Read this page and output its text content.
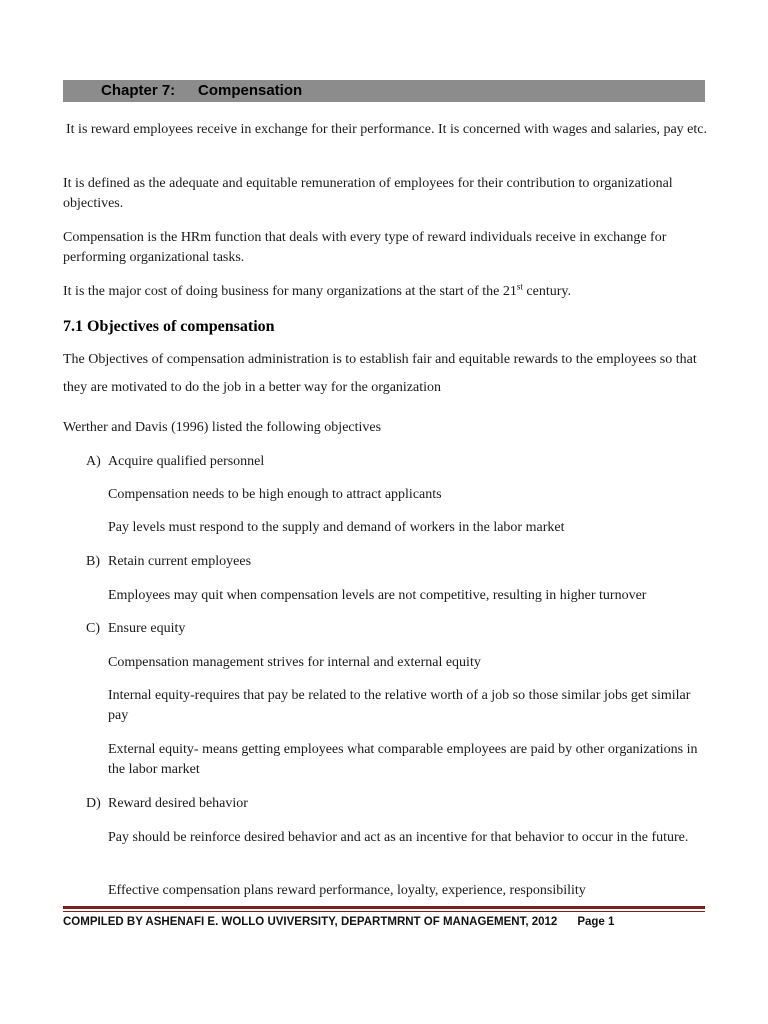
Chapter 7: Compensation
It is reward employees receive in exchange for their performance. It is concerned with wages and salaries, pay etc.
It is defined as the adequate and equitable remuneration of employees for their contribution to organizational objectives.
Compensation is the HRm function that deals with every type of reward individuals receive in exchange for performing organizational tasks.
It is the major cost of doing business for many organizations at the start of the 21st century.
7.1 Objectives of compensation
The Objectives of compensation administration is to establish fair and equitable rewards to the employees so that they are motivated to do the job in a better way for the organization
Werther and Davis (1996) listed the following objectives
A) Acquire qualified personnel
Compensation needs to be high enough to attract applicants
Pay levels must respond to the supply and demand of workers in the labor market
B) Retain current employees
Employees may quit when compensation levels are not competitive, resulting in higher turnover
C) Ensure equity
Compensation management strives for internal and external equity
Internal equity-requires that pay be related to the relative worth of a job so those similar jobs get similar pay
External equity- means getting employees what comparable employees are paid by other organizations in the labor market
D) Reward desired behavior
Pay should be reinforce desired behavior and act as an incentive for that behavior to occur in the future.
Effective compensation plans reward performance, loyalty, experience, responsibility
COMPILED BY ASHENAFI E. WOLLO UVIVERSITY, DEPARTMRNT OF MANAGEMENT, 2012 Page 1
